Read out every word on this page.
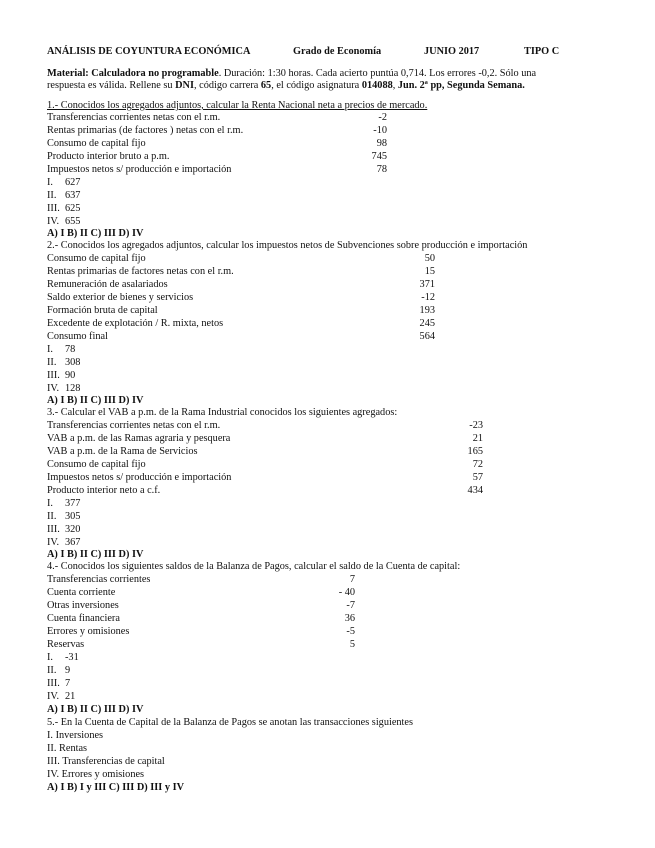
ANÁLISIS DE COYUNTURA ECONÓMICA	Grado de Economía	JUNIO 2017	TIPO C
Material: Calculadora no programable. Duración: 1:30 horas. Cada acierto puntúa 0,714. Los errores -0,2. Sólo una
respuesta es válida. Rellene su DNI, código carrera 65, el código asignatura 014088, Jun. 2ª pp, Segunda Semana.
1.- Conocidos los agregados adjuntos, calcular la Renta Nacional neta a precios de mercado.
Transferencias corrientes netas con el r.m.	-2
Rentas primarias (de factores ) netas con el r.m.	-10
Consumo de capital fijo	98
Producto interior bruto a p.m.	745
Impuestos netos s/ producción e importación	78
I. 627
II. 637
III. 625
IV. 655
A) I B) II C) III D) IV
2.- Conocidos los agregados adjuntos, calcular los impuestos netos de Subvenciones sobre producción e importación
Consumo de capital fijo	50
Rentas primarias de factores netas con el r.m.	15
Remuneración de asalariados	371
Saldo exterior de bienes y servicios	-12
Formación bruta de capital	193
Excedente de explotación / R. mixta, netos	245
Consumo final	564
I. 78
II. 308
III. 90
IV. 128
A) I B) II C) III D) IV
3.- Calcular el VAB a p.m. de la Rama Industrial conocidos los siguientes agregados:
Transferencias corrientes netas con el r.m.	-23
VAB a p.m. de las Ramas agraria y pesquera	21
VAB a p.m. de la Rama de Servicios	165
Consumo de capital fijo	72
Impuestos netos s/ producción e importación	57
Producto interior neto a c.f.	434
I. 377
II. 305
III. 320
IV. 367
A) I B) II C) III D) IV
4.- Conocidos los siguientes saldos de la Balanza de Pagos, calcular el saldo de la Cuenta de capital:
Transferencias corrientes	7
Cuenta corriente	- 40
Otras inversiones	-7
Cuenta financiera	36
Errores y omisiones	-5
Reservas	5
I. -31
II. 9
III. 7
IV. 21
A) I B) II C) III D) IV
5.- En la Cuenta de Capital de la Balanza de Pagos se anotan las transacciones siguientes
I. Inversiones
II. Rentas
III. Transferencias de capital
IV. Errores y omisiones
A) I B) I y III C) III D) III y IV
